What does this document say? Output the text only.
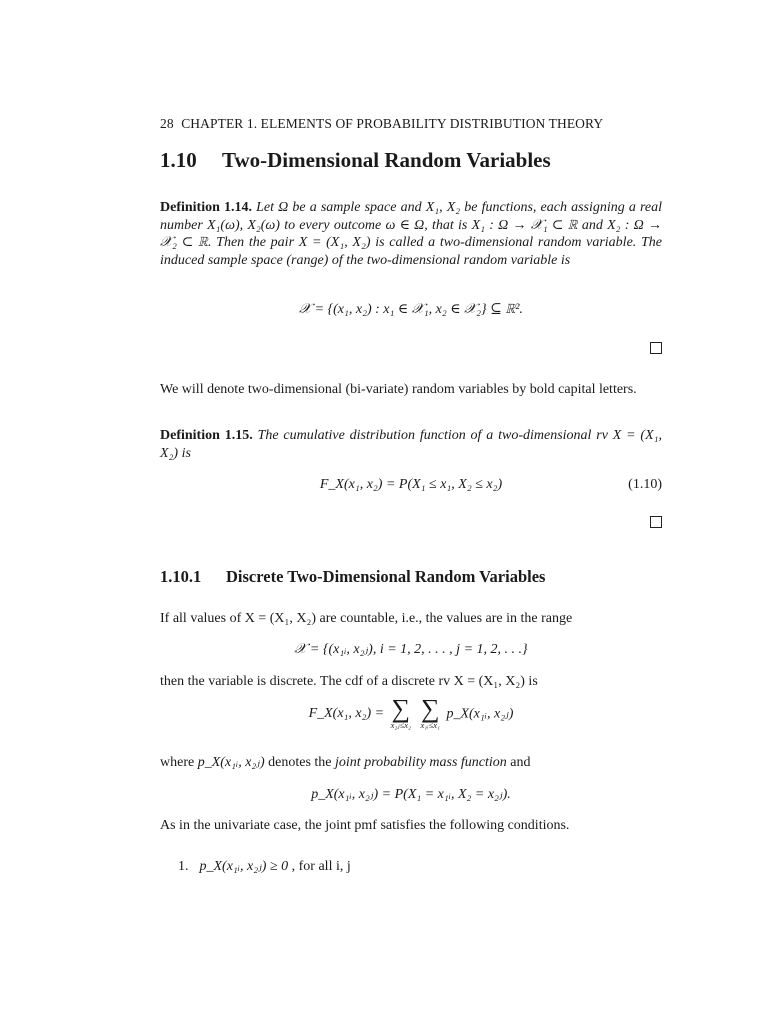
28 CHAPTER 1. ELEMENTS OF PROBABILITY DISTRIBUTION THEORY
1.10 Two-Dimensional Random Variables
Definition 1.14. Let Ω be a sample space and X₁, X₂ be functions, each assigning a real number X₁(ω), X₂(ω) to every outcome ω ∈ Ω, that is X₁ : Ω → 𝒳₁ ⊂ ℝ and X₂ : Ω → 𝒳₂ ⊂ ℝ. Then the pair X = (X₁, X₂) is called a two-dimensional random variable. The induced sample space (range) of the two-dimensional random variable is
𝒳 = {(x₁, x₂) : x₁ ∈ 𝒳₁, x₂ ∈ 𝒳₂} ⊆ ℝ².
We will denote two-dimensional (bi-variate) random variables by bold capital letters.
Definition 1.15. The cumulative distribution function of a two-dimensional rv X = (X₁, X₂) is
F_X(x₁, x₂) = P(X₁ ≤ x₁, X₂ ≤ x₂)	(1.10)
1.10.1 Discrete Two-Dimensional Random Variables
If all values of X = (X₁, X₂) are countable, i.e., the values are in the range
𝒳 = {(x₁ᵢ, x₂ⱼ), i = 1, 2, . . . , j = 1, 2, . . .}
then the variable is discrete. The cdf of a discrete rv X = (X₁, X₂) is
F_X(x₁, x₂) = ∑
x₂ⱼ≤x₂

∑
x₁ᵢ≤x₁
p_X(x₁ᵢ, x₂ⱼ)
where p_X(x₁ᵢ, x₂ⱼ) denotes the joint probability mass function and
p_X(x₁ᵢ, x₂ⱼ) = P(X₁ = x₁ᵢ, X₂ = x₂ⱼ).
As in the univariate case, the joint pmf satisfies the following conditions.
1. p_X(x₁ᵢ, x₂ⱼ) ≥ 0 , for all i, j
